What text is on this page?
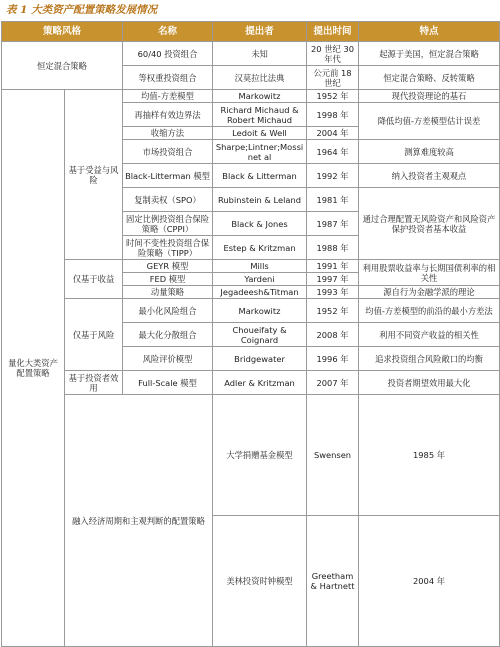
表 1 大类资产配置策略发展情况
策略风格		名称	提出者	提出时间	特点	
恒定混合策略		60/40 投资组合	未知	20 世纪 30 年代	起源于美国，恒定混合策略	
		等权重投资组合	汉莫拉比法典	公元前 18 世纪	恒定混合策略、反转策略	
量化大类资产配置策略	基于受益与风险	均值-方差模型	Markowitz	1952 年	现代投资理论的基石	
		再抽样有效边界法	Richard Michaud & Robert Michaud	1998 年	降低均值-方差模型估计误差	
		收缩方法	Ledoit & Well	2004 年		
		市场投资组合	Sharpe;Lintner;Mossinet al	1964 年	测算难度较高	
		Black-Litterman 模型	Black & Litterman	1992 年	纳入投资者主观观点	
		复制卖权（SPO）	Rubinstein & Leland	1981 年	通过合理配置无风险资产和风险资产保护投资者基本收益	
		固定比例投资组合保险策略（CPPI）	Black & Jones	1987 年		
		时间不变性投资组合保险策略（TIPP）	Estep & Kritzman	1988 年		
	仅基于收益	GEYR 模型	Mills	1991 年	利用股票收益率与长期国债利率的相关性	
		FED 模型	Yardeni	1997 年		
		动量策略	Jegadeesh&Titman	1993 年	源自行为金融学派的理论	
	仅基于风险	最小化风险组合	Markowitz	1952 年	均值-方差模型的前沿的最小方差法	
		最大化分散组合	Choueifaty & Coignard	2008 年	利用不同资产收益的相关性	
		风险评价模型	Bridgewater	1996 年	追求投资组合风险敞口的均衡	
	基于投资者效用	Full-Scale 模型	Adler & Kritzman	2007 年	投资者期望效用最大化	
	融入经济周期和主观判断的配置策略		大学捐赠基金模型	Swensen	1985 年	
			美林投资时钟模型	Greetham & Hartnett	2004 年	
